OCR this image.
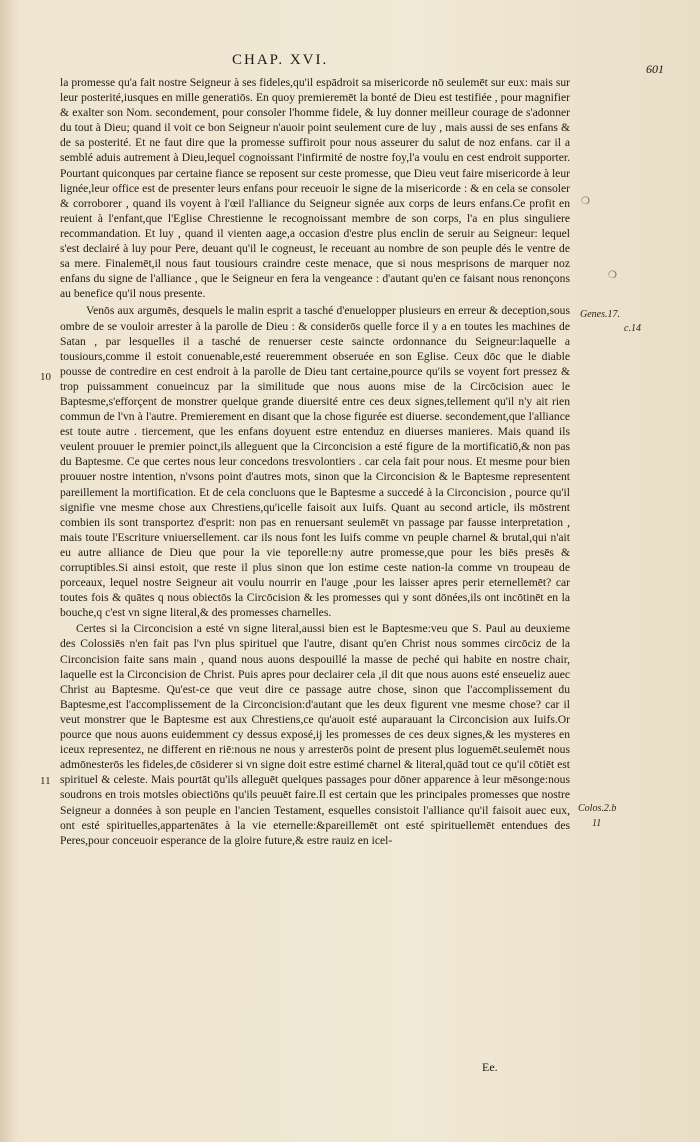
CHAP. XVI.
601

la promesse qu'a fait nostre Seigneur à ses fideles,qu'il espādroit sa misericorde nō seulemēt sur eux: mais sur leur posterité,iusques en mille generatiōs. En quoy premieremēt la bonté de Dieu est testifiée , pour magnifier & exalter son Nom. secondement, pour consoler l'homme fidele, & luy donner meilleur courage de s'adonner du tout à Dieu; quand il voit ce bon Seigneur n'auoir point seulement cure de luy , mais aussi de ses enfans & de sa posterité. Et ne faut dire que la promesse suffiroit pour nous asseurer du salut de noz enfans. car il a semblé aduis autrement à Dieu,lequel cognoissant l'infirmité de nostre foy,l'a voulu en cest endroit supporter. Pourtant quiconques par certaine fiance se reposent sur ceste promesse, que Dieu veut faire misericorde à leur lignée,leur office est de presenter leurs enfans pour receuoir le signe de la misericorde : & en cela se consoler & corroborer , quand ils voyent à l'œil l'alliance du Seigneur signée aux corps de leurs enfans.Ce profit en reuient à l'enfant,que l'Eglise Chrestienne le recognoissant membre de son corps, l'a en plus singuliere recommandation. Et luy , quand il vienten aage,a occasion d'estre plus enclin de seruir au Seigneur: lequel s'est declairé à luy pour Pere, deuant qu'il le cogneust, le receuant au nombre de son peuple dés le ventre de sa mere. Finalemēt,il nous faut tousiours craindre ceste menace, que si nous mesprisons de marquer noz enfans du signe de l'alliance , que le Seigneur en fera la vengeance : d'autant qu'en ce faisant nous renonçons au benefice qu'il nous presente.

Venōs aux argumēs, desquels le malin esprit a tasché d'enuelopper plusieurs en erreur & deception,sous ombre de se vouloir arrester à la parolle de Dieu : & considerōs quelle force il y a en toutes les machines de Satan , par lesquelles il a tasché de renuerser ceste saincte ordonnance du Seigneur:laquelle a tousiours,comme il estoit conuenable,esté reueremment obseruée en son Eglise. Ceux dōc que le diable pousse de contredire en cest endroit à la parolle de Dieu tant certaine,pource qu'ils se voyent fort pressez & trop puissamment conueincuz par la similitude que nous auons mise de la Circōcision auec le Baptesme,s'efforçent de monstrer quelque grande diuersité entre ces deux signes,tellement qu'il n'y ait rien commun de l'vn à l'autre. Premierement en disant que la chose figurée est diuerse. secondement,que l'alliance est toute autre . tiercement, que les enfans doyuent estre entenduz en diuerses manieres. Mais quand ils veulent prouuer le premier poinct,ils alleguent que la Circoncision a esté figure de la mortificatiō,& non pas du Baptesme. Ce que certes nous leur concedons tresvolontiers . car cela fait pour nous. Et mesme pour bien prouuer nostre intention, n'vsons point d'autres mots, sinon que la Circoncision & le Baptesme representent pareillement la mortification. Et de cela concluons que le Baptesme a succedé à la Circoncision , pource qu'il signifie vne mesme chose aux Chrestiens,qu'icelle faisoit aux Iuifs. Quant au second article, ils mōstrent combien ils sont transportez d'esprit: non pas en renuersant seulemēt vn passage par fausse interpretation , mais toute l'Escriture vniuersellement. car ils nous font les Iuifs comme vn peuple charnel & brutal,qui n'ait eu autre alliance de Dieu que pour la vie teporelle:ny autre promesse,que pour les biēs presēs & corruptibles.Si ainsi estoit, que reste il plus sinon que lon estime ceste nation-la comme vn troupeau de porceaux, lequel nostre Seigneur ait voulu nourrir en l'auge ,pour les laisser apres perir eternellemēt? car toutes fois & quātes q nous obiectōs la Circōcision & les promesses qui y sont dōnées,ils ont incōtinēt en la bouche,q c'est vn signe literal,& des promesses charnelles.

Certes si la Circoncision a esté vn signe literal,aussi bien est le Baptesme:veu que S. Paul au deuxieme des Colossiēs n'en fait pas l'vn plus spirituel que l'autre, disant qu'en Christ nous sommes circōciz de la Circoncision faite sans main , quand nous auons despouillé la masse de peché qui habite en nostre chair, laquelle est la Circoncision de Christ. Puis apres pour declairer cela ,il dit que nous auons esté enseueliz auec Christ au Baptesme. Qu'est-ce que veut dire ce passage autre chose, sinon que l'accomplissement du Baptesme,est l'accomplissement de la Circoncision:d'autant que les deux figurent vne mesme chose? car il veut monstrer que le Baptesme est aux Chrestiens,ce qu'auoit esté auparauant la Circoncision aux Iuifs.Or pource que nous auons euidemment cy dessus exposé,ij les promesses de ces deux signes,& les mysteres en iceux representez, ne different en riē:nous ne nous y arresterōs point de present plus loguemēt.seulemēt nous admōnesterōs les fideles,de cōsiderer si vn signe doit estre estimé charnel & literal,quād tout ce qu'il cōtiēt est spirituel & celeste. Mais pourtāt qu'ils alleguēt quelques passages pour dōner apparence à leur mēsonge:nous soudrons en trois motsles obiectiōns qu'ils peuuēt faire.Il est certain que les principales promesses que nostre Seigneur a données à son peuple en l'ancien Testament, esquelles consistoit l'alliance qu'il faisoit auec eux, ont esté spirituelles,appartenātes à la vie eternelle:&pareillemēt ont esté spirituellemēt entendues des Peres,pour conceuoir esperance de la gloire future,& estre rauiz en icel-

10
11
Genes.17.
c.14
Colos.2.b
11
❍
❍
Ee.
